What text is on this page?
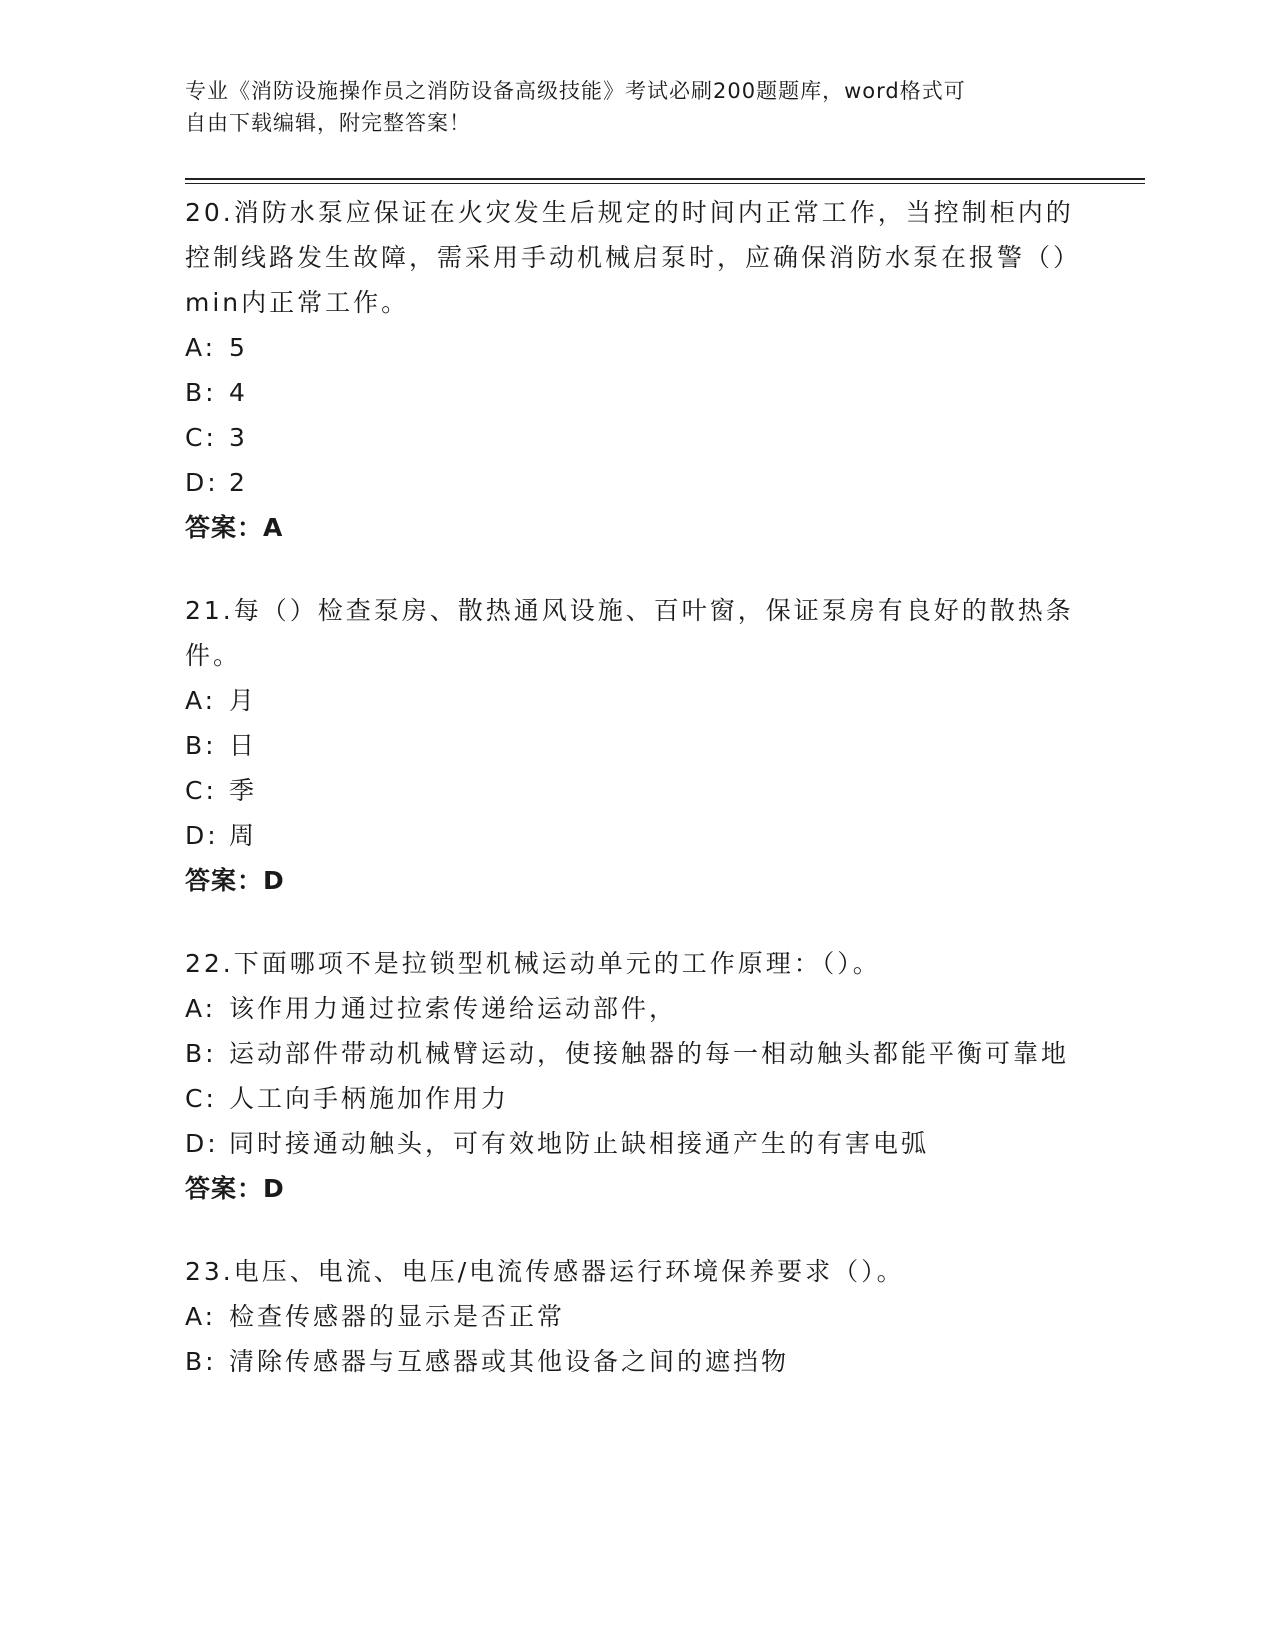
专业《消防设施操作员之消防设备高级技能》考试必刷200题题库，word格式可
自由下载编辑，附完整答案！

20.消防水泵应保证在火灾发生后规定的时间内正常工作，当控制柜内的控制线路发生故障，需采用手动机械启泵时，应确保消防水泵在报警（）min内正常工作。

A: 5

B: 4

C: 3

D: 2

答案：A

21.每（）检查泵房、散热通风设施、百叶窗，保证泵房有良好的散热条件。

A: 月

B: 日

C: 季

D: 周

答案：D

22.下面哪项不是拉锁型机械运动单元的工作原理：（）。

A: 该作用力通过拉索传递给运动部件，

B: 运动部件带动机械臂运动，使接触器的每一相动触头都能平衡可靠地

C: 人工向手柄施加作用力

D: 同时接通动触头，可有效地防止缺相接通产生的有害电弧

答案：D

23.电压、电流、电压/电流传感器运行环境保养要求（）。

A: 检查传感器的显示是否正常

B: 清除传感器与互感器或其他设备之间的遮挡物
